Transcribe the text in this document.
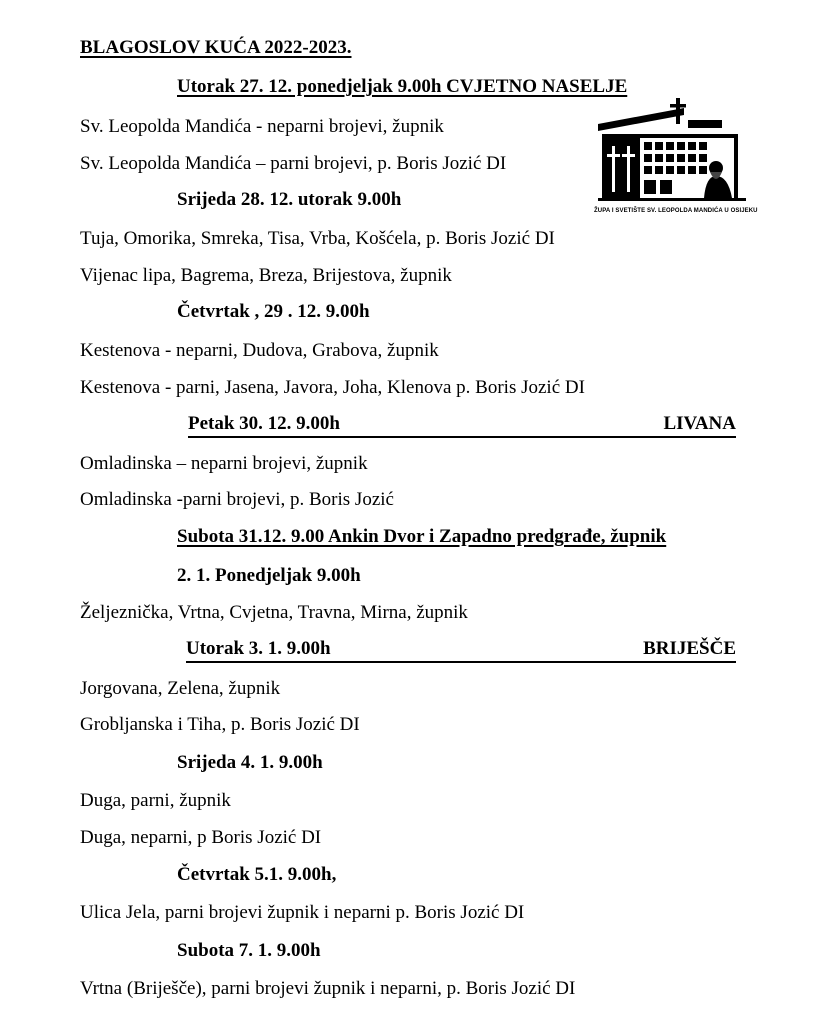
BLAGOSLOV KUĆA 2022-2023.
ŽUPA I SVETIŠTE SV. LEOPOLDA MANDIĆA U OSIJEKU
Utorak 27. 12. ponedjeljak 9.00h CVJETNO NASELJE
Sv. Leopolda Mandića - neparni brojevi, župnik
Sv. Leopolda Mandića – parni brojevi, p. Boris Jozić DI
Srijeda 28. 12. utorak 9.00h
Tuja, Omorika, Smreka, Tisa, Vrba, Košćela, p. Boris Jozić DI
Vijenac lipa, Bagrema, Breza, Brijestova, župnik
Četvrtak , 29 . 12. 9.00h
Kestenova - neparni, Dudova, Grabova, župnik
Kestenova - parni, Jasena, Javora, Joha, Klenova p. Boris Jozić DI
Petak 30. 12. 9.00h	LIVANA
Omladinska – neparni brojevi, župnik
Omladinska -parni brojevi, p. Boris Jozić
Subota 31.12. 9.00 Ankin Dvor i Zapadno predgrađe, župnik
2. 1. Ponedjeljak 9.00h
Željeznička, Vrtna, Cvjetna, Travna, Mirna, župnik
Utorak 3. 1. 9.00h	BRIJEŠČE
Jorgovana, Zelena, župnik
Grobljanska i Tiha, p. Boris Jozić DI
Srijeda 4. 1. 9.00h
Duga, parni, župnik
Duga, neparni, p Boris Jozić DI
Četvrtak 5.1. 9.00h,
Ulica Jela, parni brojevi župnik i neparni p. Boris Jozić DI
Subota 7. 1. 9.00h
Vrtna (Briješče), parni brojevi župnik i neparni, p. Boris Jozić DI
